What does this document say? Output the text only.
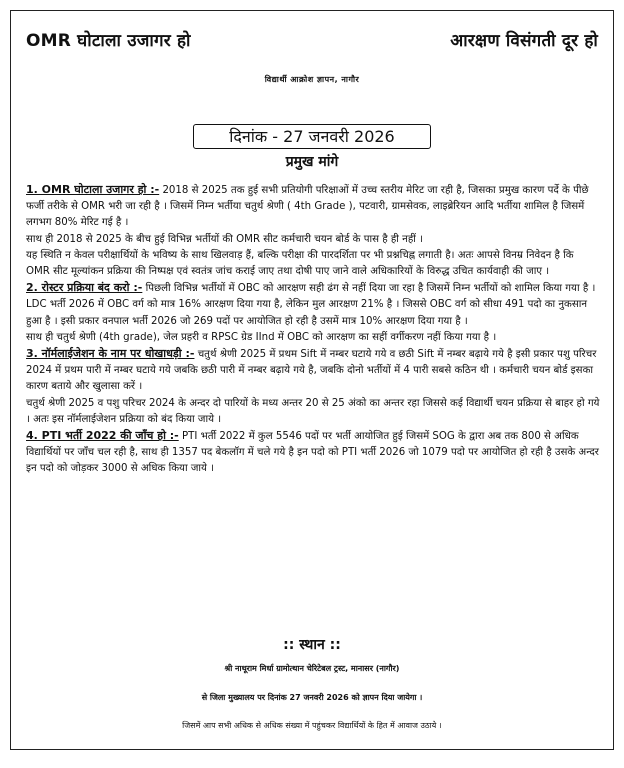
OMR घोटाला उजागर हो	आरक्षण विसंगती दूर हो
विद्यार्थी आक्रोश ज्ञापन, नागौर
दिनांक - 27 जनवरी 2026
प्रमुख मांगे

1. OMR घोटाला उजागर हो :- 2018 से 2025 तक हुई सभी प्रतियोगी परिक्षाओं में उच्च स्तरीय मेरिट जा रही है, जिसका प्रमुख कारण पर्दे के पीछे फर्जी तरीके से OMR भरी जा रही है । जिसमें निम्न भर्तीया चतुर्थ श्रेणी ( 4th Grade ), पटवारी, ग्रामसेवक, लाइब्रेरियन आदि भर्तीया शामिल है जिसमें लगभग 80% मेरिट गई है ।

साथ ही 2018 से 2025 के बीच हुई विभिन्न भर्तीयों की OMR सीट कर्मचारी चयन बोर्ड के पास है ही नहीं ।

यह स्थिति न केवल परीक्षार्थियों के भविष्य के साथ खिलवाड़ हैं, बल्कि परीक्षा की पारदर्शिता पर भी प्रश्नचिह्न लगाती है। अतः आपसे विनम्र निवेदन है कि OMR सीट मूल्यांकन प्रक्रिया की निष्पक्ष एवं स्वतंत्र जांच कराई जाए तथा दोषी पाए जाने वाले अधिकारियों के विरुद्ध उचित कार्यवाही की जाए ।

2. रोस्टर प्रक्रिया बंद करो :- पिछली विभिन्न भर्तीयों में OBC को आरक्षण सही ढंग से नहीं दिया जा रहा है जिसमें निम्न भर्तीयों को शामिल किया गया है । LDC भर्ती 2026 में OBC वर्ग को मात्र 16% आरक्षण दिया गया है, लेकिन मुल आरक्षण 21% है । जिससे OBC वर्ग को सीधा 491 पदो का नुकसान हुआ है । इसी प्रकार वनपाल भर्ती 2026 जो 269 पदों पर आयोजित हो रही है उसमें मात्र 10% आरक्षण दिया गया है ।

साथ ही चतुर्थ श्रेणी (4th grade), जेल प्रहरी व RPSC ग्रेड IInd में OBC को आरक्षण का सहीं वर्गीकरण नहीं किया गया है ।

3. नॉर्मलाईजेशन के नाम पर धोखाधड़ी :- चतुर्थ श्रेणी 2025 में प्रथम Sift में नम्बर घटाये गये व छठी Sift में नम्बर बढ़ाये गये है इसी प्रकार पशु परिचर 2024 में प्रथम पारी में नम्बर घटाये गये जबकि छठी पारी में नम्बर बढ़ाये गये है, जबकि दोनो भर्तीयों में 4 पारी सबसे कठिन थी । कर्मचारी चयन बोर्ड इसका कारण बताये और खुलासा करें ।

चतुर्थ श्रेणी 2025 व पशु परिचर 2024 के अन्दर दो पारियों के मध्य अन्तर 20 से 25 अंको का अन्तर रहा जिससे कई विद्यार्थी चयन प्रक्रिया से बाहर हो गये । अतः इस नॉर्मलाईजेशन प्रक्रिया को बंद किया जाये ।

4. PTI भर्ती 2022 की जाँच हो :- PTI भर्ती 2022 में कुल 5546 पदों पर भर्ती आयोजित हुई जिसमें SOG के द्वारा अब तक 800 से अधिक विद्यार्थियों पर जाँच चल रही है, साथ ही 1357 पद बेकलॉग में चले गये है इन पदो को PTI भर्ती 2026 जो 1079 पदो पर आयोजित हो रही है उसके अन्दर इन पदो को जोड़कर 3000 से अधिक किया जाये ।

:: स्थान ::
श्री नाथूराम मिर्धा ग्रामोत्थान चेरिटेबल ट्रस्ट, मानासर (नागौर)
से जिला मुख्यालय पर दिनांक 27 जनवरी 2026 को ज्ञापन दिया जायेगा ।
जिसमें आप सभी अधिक से अधिक संख्या में पहुंचकर विद्यार्थियों के हित में आवाज उठाये ।
